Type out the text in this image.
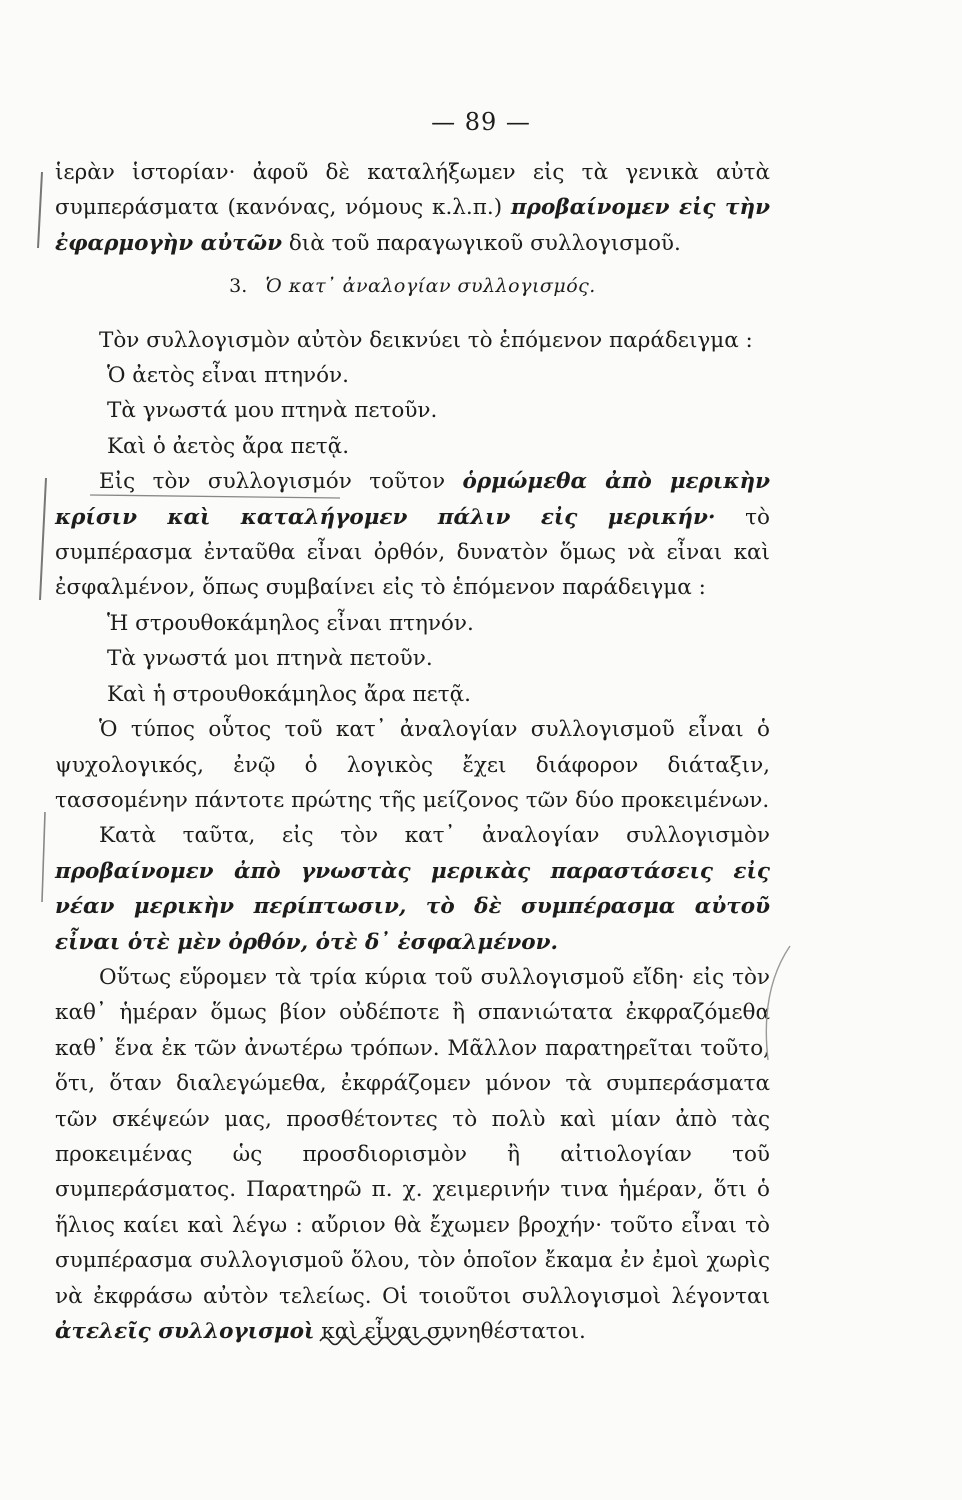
— 89 —

ἱερὰν ἱστορίαν· ἀφοῦ δὲ καταλήξωμεν εἰς τὰ γενικὰ αὐτὰ συμπεράσματα (κανόνας, νόμους κ.λ.π.) προβαίνομεν εἰς τὴν ἐφαρμογὴν αὐτῶν διὰ τοῦ παραγωγικοῦ συλλογισμοῦ.

3. Ὁ κατ᾽ ἀναλογίαν συλλογισμός.

Τὸν συλλογισμὸν αὐτὸν δεικνύει τὸ ἑπόμενον παράδειγμα :

Ὁ ἀετὸς εἶναι πτηνόν.

Τὰ γνωστά μου πτηνὰ πετοῦν.

Καὶ ὁ ἀετὸς ἄρα πετᾷ.

Εἰς τὸν συλλογισμόν τοῦτον ὁρμώμεθα ἀπὸ μερικὴν κρίσιν καὶ καταλήγομεν πάλιν εἰς μερικήν· τὸ συμπέρασμα ἐνταῦθα εἶναι ὀρθόν, δυνατὸν ὅμως νὰ εἶναι καὶ ἐσφαλμένον, ὅπως συμβαίνει εἰς τὸ ἑπόμενον παράδειγμα :

Ἡ στρουθοκάμηλος εἶναι πτηνόν.

Τὰ γνωστά μοι πτηνὰ πετοῦν.

Καὶ ἡ στρουθοκάμηλος ἄρα πετᾷ.

Ὁ τύπος οὗτος τοῦ κατ᾽ ἀναλογίαν συλλογισμοῦ εἶναι ὁ ψυχολογικός, ἐνῷ ὁ λογικὸς ἔχει διάφορον διάταξιν, τασσομένην πάντοτε πρώτης τῆς μείζονος τῶν δύο προκειμένων.

Κατὰ ταῦτα, εἰς τὸν κατ᾽ ἀναλογίαν συλλογισμὸν προβαίνομεν ἀπὸ γνωστὰς μερικὰς παραστάσεις εἰς νέαν μερικὴν περίπτωσιν, τὸ δὲ συμπέρασμα αὐτοῦ εἶναι ὁτὲ μὲν ὀρθόν, ὁτὲ δ᾽ ἐσφαλμένον.

Οὕτως εὕρομεν τὰ τρία κύρια τοῦ συλλογισμοῦ εἴδη· εἰς τὸν καθ᾽ ἡμέραν ὅμως βίον οὐδέποτε ἢ σπανιώτατα ἐκφραζόμεθα καθ᾽ ἕνα ἐκ τῶν ἀνωτέρω τρόπων. Μᾶλλον παρατηρεῖται τοῦτο, ὅτι, ὅταν διαλεγώμεθα, ἐκφράζομεν μόνον τὰ συμπεράσματα τῶν σκέψεών μας, προσθέτοντες τὸ πολὺ καὶ μίαν ἀπὸ τὰς προκειμένας ὡς προσδιορισμὸν ἢ αἰτιολογίαν τοῦ συμπεράσματος. Παρατηρῶ π. χ. χειμερινήν τινα ἡμέραν, ὅτι ὁ ἥλιος καίει καὶ λέγω : αὔριον θὰ ἔχωμεν βροχήν· τοῦτο εἶναι τὸ συμπέρασμα συλλογισμοῦ ὅλου, τὸν ὁποῖον ἔκαμα ἐν ἐμοὶ χωρὶς νὰ ἐκφράσω αὐτὸν τελείως. Οἱ τοιοῦτοι συλλογισμοὶ λέγονται ἀτελεῖς συλλογισμοὶ καὶ εἶναι συνηθέστατοι.
